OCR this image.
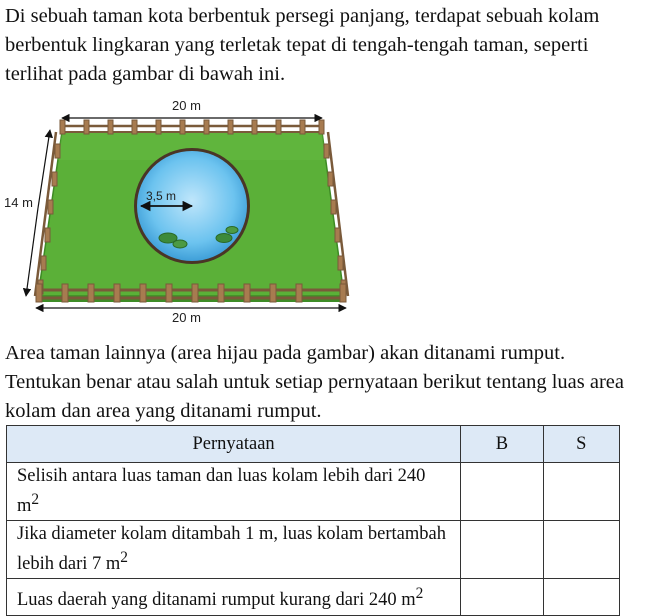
Di sebuah taman kota berbentuk persegi panjang, terdapat sebuah kolam berbentuk lingkaran yang terletak tepat di tengah-tengah taman, seperti terlihat pada gambar di bawah ini.

3,5 m
20 m
14 m
20 m

Area taman lainnya (area hijau pada gambar) akan ditanami rumput. Tentukan benar atau salah untuk setiap pernyataan berikut tentang luas area kolam dan area yang ditanami rumput.

Pernyataan	B	S
Selisih antara luas taman dan luas kolam lebih dari 240 $m^2$		
Jika diameter kolam ditambah 1 m, luas kolam bertambah lebih dari 7 $m^2$		
Luas daerah yang ditanami rumput kurang dari 240 $m^2$		
